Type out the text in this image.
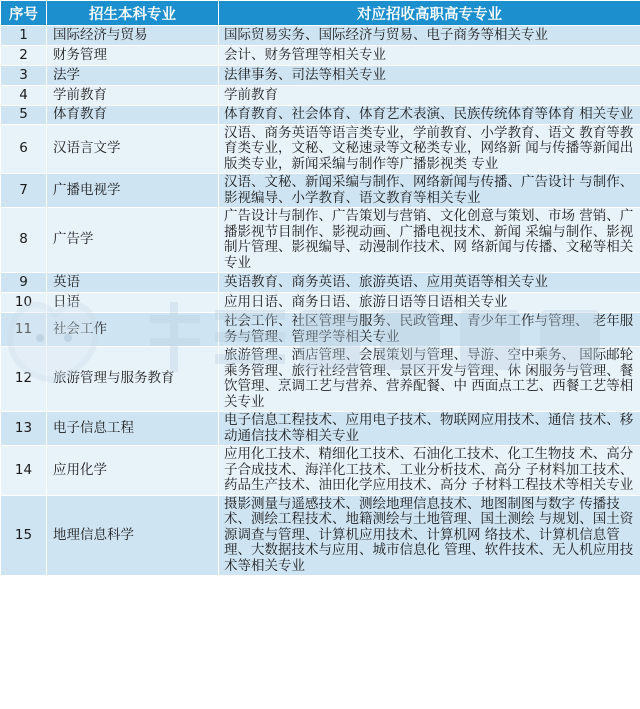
序号	招生本科专业	对应招收高职高专专业
1	国际经济与贸易	国际贸易实务、国际经济与贸易、电子商务等相关专业
2	财务管理	会计、财务管理等相关专业
3	法学	法律事务、司法等相关专业
4	学前教育	学前教育
5	体育教育	体育教育、社会体育、体育艺术表演、民族传统体育等体育 相关专业
6	汉语言文学	汉语、商务英语等语言类专业，学前教育、小学教育、语文 教育等教育类专业，文秘、文秘速录等文秘类专业，网络新 闻与传播等新闻出版类专业，新闻采编与制作等广播影视类 专业
7	广播电视学	汉语、文秘、新闻采编与制作、网络新闻与传播、广告设计 与制作、影视编导、小学教育、语文教育等相关专业
8	广告学	广告设计与制作、广告策划与营销、文化创意与策划、市场 营销、广播影视节目制作、影视动画、广播电视技术、新闻 采编与制作、影视制片管理、影视编导、动漫制作技术、网 络新闻与传播、文秘等相关专业
9	英语	英语教育、商务英语、旅游英语、应用英语等相关专业
10	日语	应用日语、商务日语、旅游日语等日语相关专业
11	社会工作	社会工作、社区管理与服务、民政管理、青少年工作与管理、 老年服务与管理、管理学等相关专业
12	旅游管理与服务教育	旅游管理、酒店管理、会展策划与管理、导游、空中乘务、 国际邮轮乘务管理、旅行社经营管理、景区开发与管理、休 闲服务与管理、餐饮管理、烹调工艺与营养、营养配餐、中 西面点工艺、西餐工艺等相关专业
13	电子信息工程	电子信息工程技术、应用电子技术、物联网应用技术、通信 技术、移动通信技术等相关专业
14	应用化学	应用化工技术、精细化工技术、石油化工技术、化工生物技 术、高分子合成技术、海洋化工技术、工业分析技术、高分 子材料加工技术、药品生产技术、油田化学应用技术、高分 子材料工程技术等相关专业
15	地理信息科学	摄影测量与遥感技术、测绘地理信息技术、地图制图与数字 传播技术、测绘工程技术、地籍测绘与土地管理、国土测绘 与规划、国土资源调查与管理、计算机应用技术、计算机网 络技术、计算机信息管理、大数据技术与应用、城市信息化 管理、软件技术、无人机应用技术等相关专业
